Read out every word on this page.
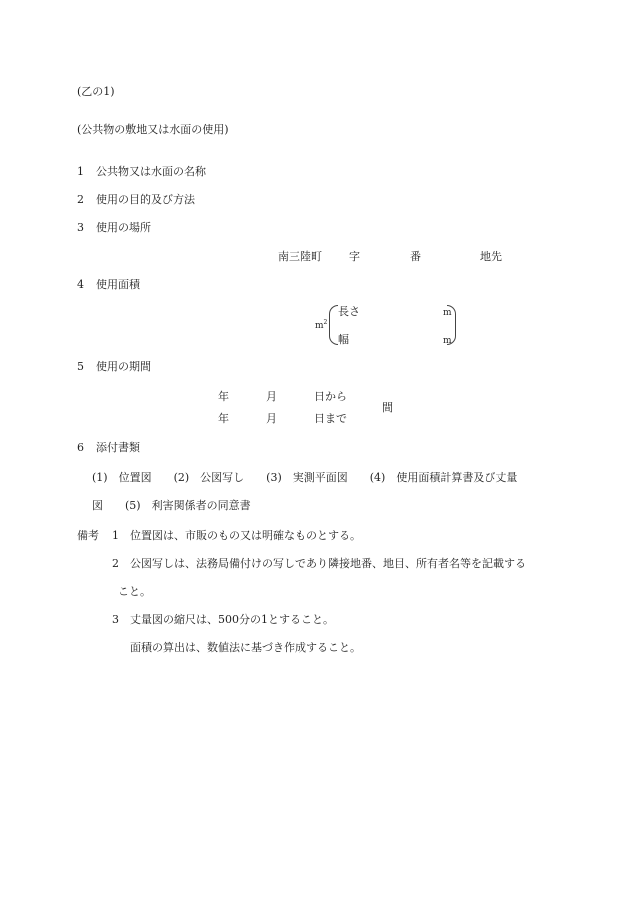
(乙の1)
(公共物の敷地又は水面の使用)
1 公共物又は水面の名称
2 使用の目的及び方法
3 使用の場所
南三陸町 字	番	地先
4 使用面積
$m^2$
長さ	m
幅	m
5 使用の期間
年	月	日から
年	月	日まで
間
6 添付書類
(1)　位置図　　(2)　公図写し　　(3)　実測平面図　　(4)　使用面積計算書及び丈量
図　　(5)　利害関係者の同意書
備考 1 位置図は、市販のもの又は明確なものとする。
2 公図写しは、法務局備付けの写しであり隣接地番、地目、所有者名等を記載する
こと。
3 丈量図の縮尺は、500分の1とすること。
面積の算出は、数値法に基づき作成すること。
